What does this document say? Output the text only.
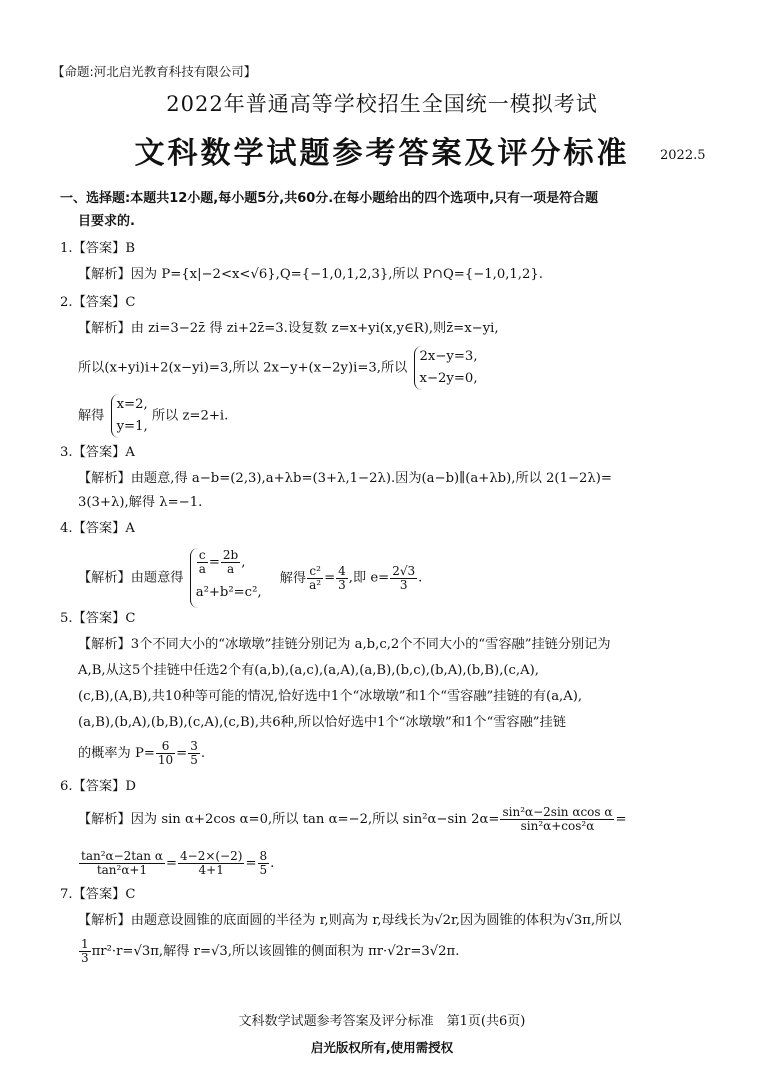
【命题:河北启光教育科技有限公司】
2022年普通高等学校招生全国统一模拟考试
文科数学试题参考答案及评分标准	2022.5
一、选择题:本题共12小题,每小题5分,共60分.在每小题给出的四个选项中,只有一项是符合题
目要求的.
1.【答案】B
【解析】因为 P={x|−2<x<√6},Q={−1,0,1,2,3},所以 P∩Q={−1,0,1,2}.
2.【答案】C
【解析】由 zi=3−2z̄ 得 zi+2z̄=3.设复数 z=x+yi(x,y∈R),则z̄=x−yi,
所以(x+yi)i+2(x−yi)=3,所以 2x−y+(x−2y)i=3,所以
2x−y=3,
x−2y=0,
解得
x=2,
y=1,
所以 z=2+i.
3.【答案】A
【解析】由题意,得 a−b=(2,3),a+λb=(3+λ,1−2λ).因为(a−b)∥(a+λb),所以 2(1−2λ)=
3(3+λ),解得 λ=−1.
4.【答案】A
【解析】由题意得
$\frac{c}{a} = \frac{2b}{a}$ ,
a²+b²=c²,
解得 $\frac{\text{c²}}{\text{a²}} = \frac{4}{3}$ ,即 $e= \frac{2√3}{3}$ .
5.【答案】C
【解析】3个不同大小的“冰墩墩”挂链分别记为 a,b,c,2个不同大小的“雪容融”挂链分别记为
A,B,从这5个挂链中任选2个有(a,b),(a,c),(a,A),(a,B),(b,c),(b,A),(b,B),(c,A),
(c,B),(A,B),共10种等可能的情况,恰好选中1个“冰墩墩”和1个“雪容融”挂链的有(a,A),
(a,B),(b,A),(b,B),(c,A),(c,B),共6种,所以恰好选中1个“冰墩墩”和1个“雪容融”挂链
的概率为 $P= \frac{6}{10} = \frac{3}{5}$ .
6.【答案】D
【解析】因为 sin α+2cos α=0,所以 tan α=−2,所以 sin²α−sin $2\alpha= \frac{\text{sin²α−2sin αcos α}}{\text{sin²α+cos²α}}$ =
$\frac{\text{tan²α−2tan α}}{\text{tan²α+1}} = \frac{4-2\times(-2)}{4+1} = \frac{8}{5}$ .
7.【答案】C
【解析】由题意设圆锥的底面圆的半径为 r,则高为 r,母线长为√2r,因为圆锥的体积为√3π,所以
$\frac{1}{3} \pi r^2\cdot r=√3\pi$,解得 r=√3,所以该圆锥的侧面积为 πr·√2r=3√2π.
文科数学试题参考答案及评分标准　第1页(共6页)
启光版权所有,使用需授权
